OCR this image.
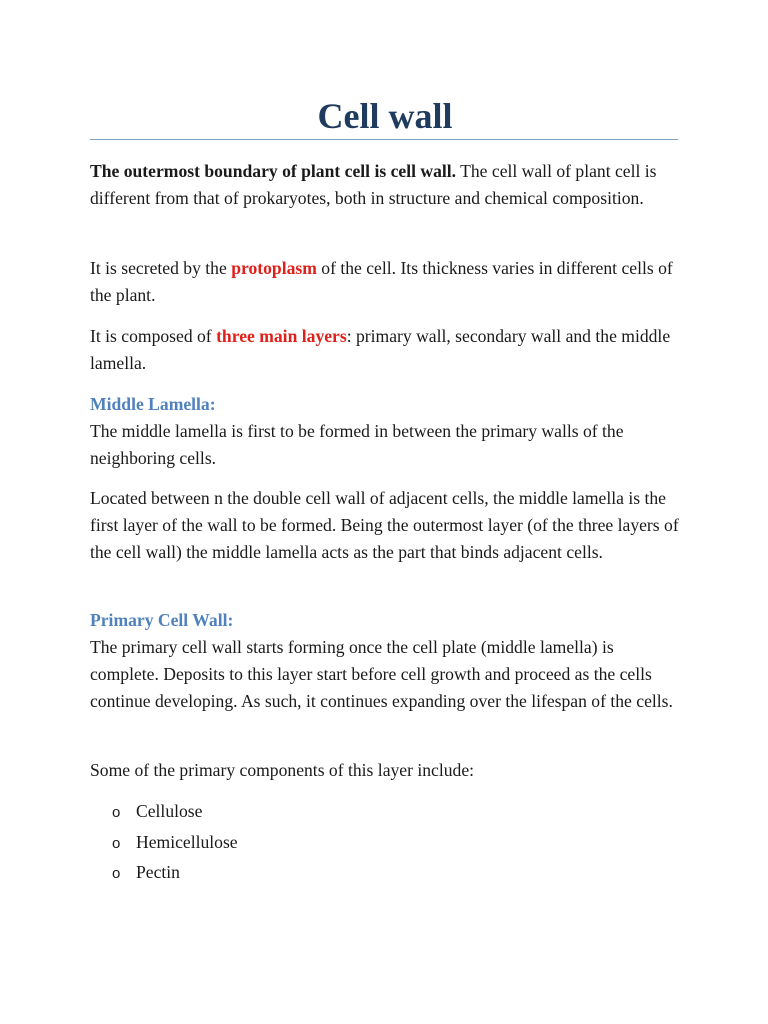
Cell wall

The outermost boundary of plant cell is cell wall. The cell wall of plant cell is different from that of prokaryotes, both in structure and chemical composition.

It is secreted by the protoplasm of the cell. Its thickness varies in different cells of the plant.

It is composed of three main layers: primary wall, secondary wall and the middle lamella.

Middle Lamella:

The middle lamella is first to be formed in between the primary walls of the neighboring cells.

Located between n the double cell wall of adjacent cells, the middle lamella is the first layer of the wall to be formed. Being the outermost layer (of the three layers of the cell wall) the middle lamella acts as the part that binds adjacent cells.

Primary Cell Wall:

The primary cell wall starts forming once the cell plate (middle lamella) is complete. Deposits to this layer start before cell growth and proceed as the cells continue developing. As such, it continues expanding over the lifespan of the cells.

Some of the primary components of this layer include:

o Cellulose
o Hemicellulose
o Pectin
